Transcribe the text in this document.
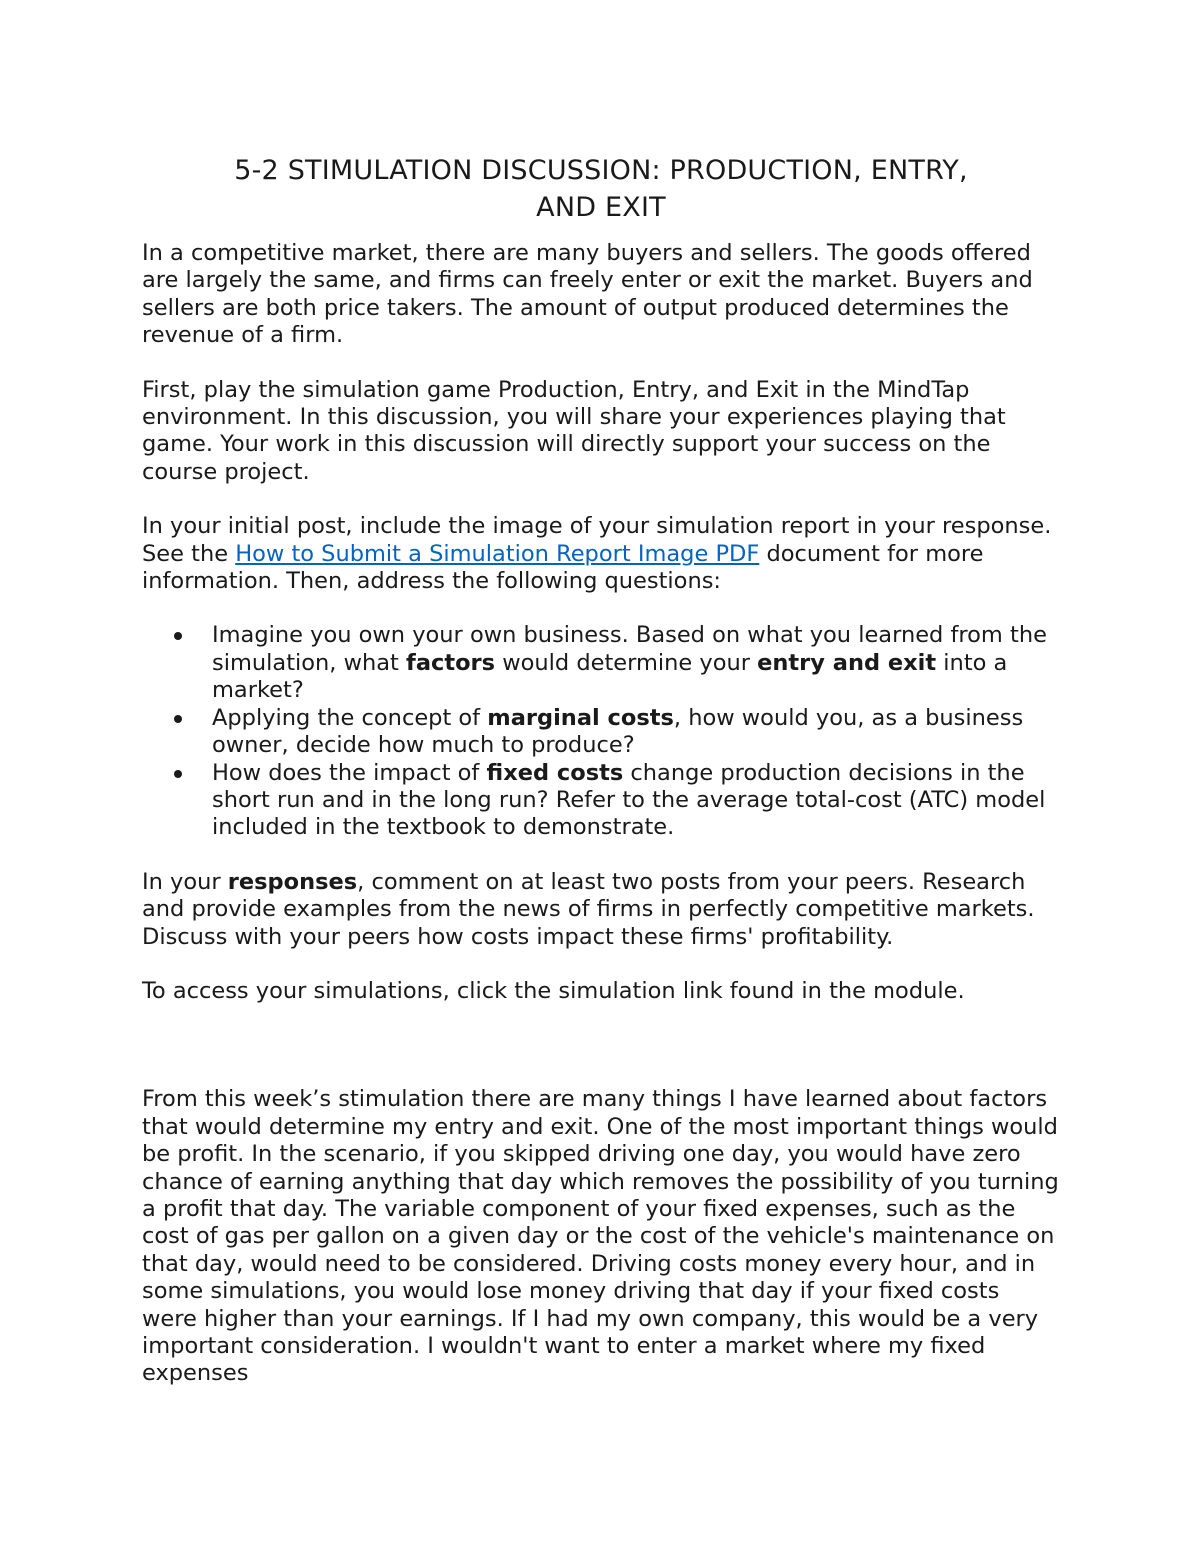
5-2 STIMULATION DISCUSSION: PRODUCTION, ENTRY,
AND EXIT

In a competitive market, there are many buyers and sellers. The goods offered are largely the same, and firms can freely enter or exit the market. Buyers and sellers are both price takers. The amount of output produced determines the revenue of a firm.

First, play the simulation game Production, Entry, and Exit in the MindTap environment. In this discussion, you will share your experiences playing that game. Your work in this discussion will directly support your success on the course project.

In your initial post, include the image of your simulation report in your response. See the How to Submit a Simulation Report Image PDF document for more information. Then, address the following questions:

Imagine you own your own business. Based on what you learned from the simulation, what factors would determine your entry and exit into a market?
Applying the concept of marginal costs, how would you, as a business owner, decide how much to produce?
How does the impact of fixed costs change production decisions in the short run and in the long run? Refer to the average total-cost (ATC) model included in the textbook to demonstrate.

In your responses, comment on at least two posts from your peers. Research and provide examples from the news of firms in perfectly competitive markets. Discuss with your peers how costs impact these firms' profitability.

To access your simulations, click the simulation link found in the module.

From this week’s stimulation there are many things I have learned about factors that would determine my entry and exit. One of the most important things would be profit. In the scenario, if you skipped driving one day, you would have zero chance of earning anything that day which removes the possibility of you turning a profit that day. The variable component of your fixed expenses, such as the cost of gas per gallon on a given day or the cost of the vehicle's maintenance on that day, would need to be considered. Driving costs money every hour, and in some simulations, you would lose money driving that day if your fixed costs were higher than your earnings. If I had my own company, this would be a very important consideration. I wouldn't want to enter a market where my fixed expenses
